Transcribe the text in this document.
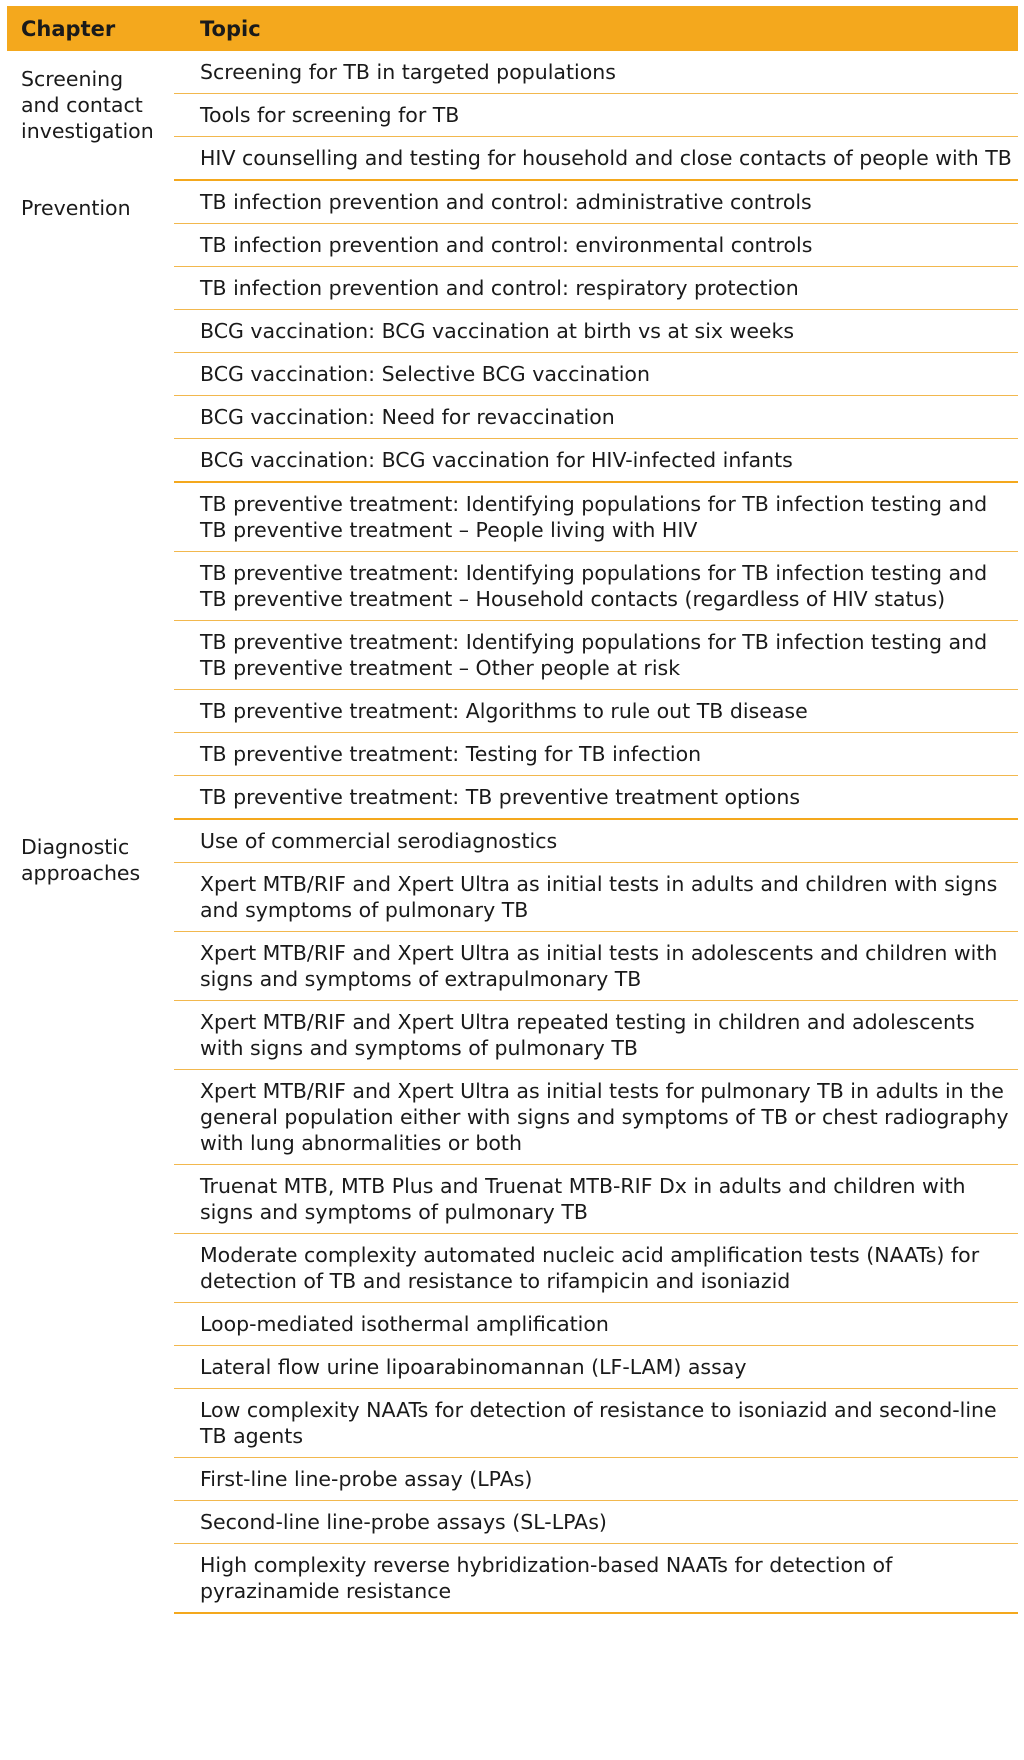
Chapter	Topic
Screening and contact investigation	Screening for TB in targeted populations
	Tools for screening for TB
	HIV counselling and testing for household and close contacts of people with TB
Prevention	TB infection prevention and control: administrative controls
	TB infection prevention and control: environmental controls
	TB infection prevention and control: respiratory protection
	BCG vaccination: BCG vaccination at birth vs at six weeks
	BCG vaccination: Selective BCG vaccination
	BCG vaccination: Need for revaccination
	BCG vaccination: BCG vaccination for HIV-infected infants
	TB preventive treatment: Identifying populations for TB infection testing and TB preventive treatment – People living with HIV
	TB preventive treatment: Identifying populations for TB infection testing and TB preventive treatment – Household contacts (regardless of HIV status)
	TB preventive treatment: Identifying populations for TB infection testing and TB preventive treatment – Other people at risk
	TB preventive treatment: Algorithms to rule out TB disease
	TB preventive treatment: Testing for TB infection
	TB preventive treatment: TB preventive treatment options
Diagnostic approaches	Use of commercial serodiagnostics
	Xpert MTB/RIF and Xpert Ultra as initial tests in adults and children with signs and symptoms of pulmonary TB
	Xpert MTB/RIF and Xpert Ultra as initial tests in adolescents and children with signs and symptoms of extrapulmonary TB
	Xpert MTB/RIF and Xpert Ultra repeated testing in children and adolescents with signs and symptoms of pulmonary TB
	Xpert MTB/RIF and Xpert Ultra as initial tests for pulmonary TB in adults in the general population either with signs and symptoms of TB or chest radiography with lung abnormalities or both
	Truenat MTB, MTB Plus and Truenat MTB-RIF Dx in adults and children with signs and symptoms of pulmonary TB
	Moderate complexity automated nucleic acid amplification tests (NAATs) for detection of TB and resistance to rifampicin and isoniazid
	Loop-mediated isothermal amplification
	Lateral flow urine lipoarabinomannan (LF-LAM) assay
	Low complexity NAATs for detection of resistance to isoniazid and second-line TB agents
	First-line line-probe assay (LPAs)
	Second-line line-probe assays (SL-LPAs)
	High complexity reverse hybridization-based NAATs for detection of pyrazinamide resistance
